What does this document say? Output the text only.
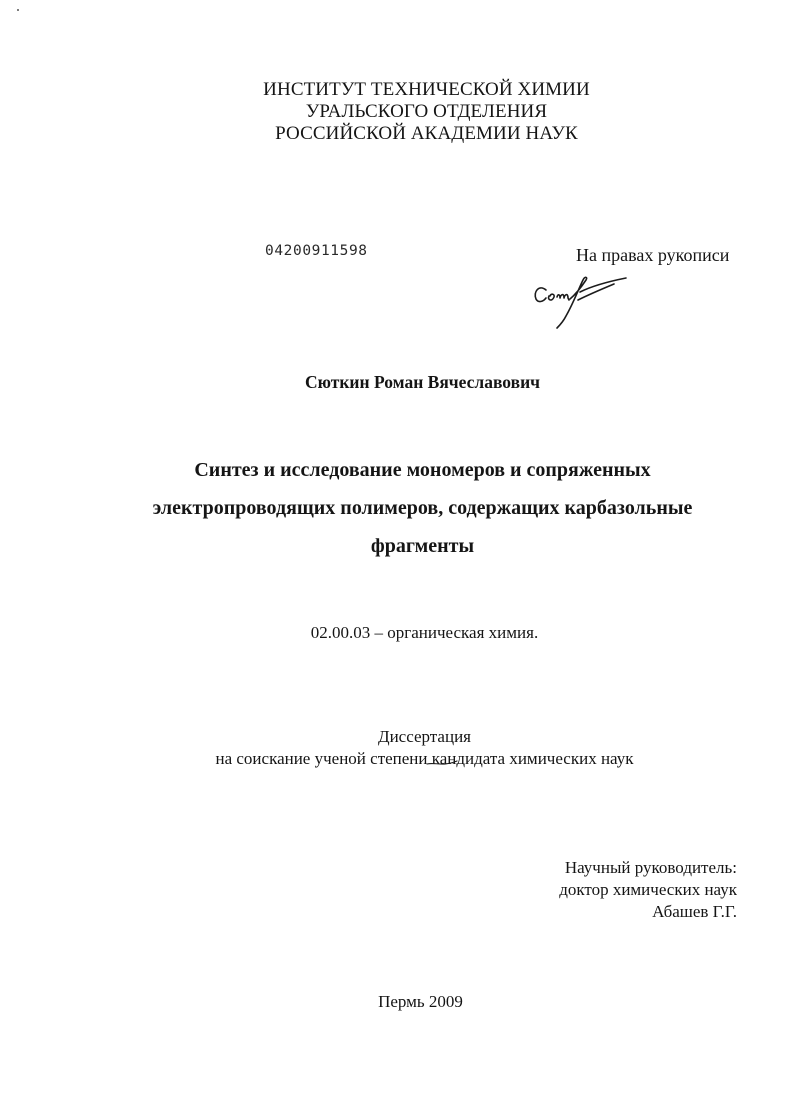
ИНСТИТУТ ТЕХНИЧЕСКОЙ ХИМИИ
УРАЛЬСКОГО ОТДЕЛЕНИЯ
РОССИЙСКОЙ АКАДЕМИИ НАУК
04200911598	На правах рукописи
Сюткин Роман Вячеславович
Синтез и исследование мономеров и сопряженных
электропроводящих полимеров, содержащих карбазольные
фрагменты
02.00.03 – органическая химия.
Диссертация
на соискание ученой степени кандидата химических наук
Научный руководитель:
доктор химических наук
Абашев Г.Г.
Пермь 2009
